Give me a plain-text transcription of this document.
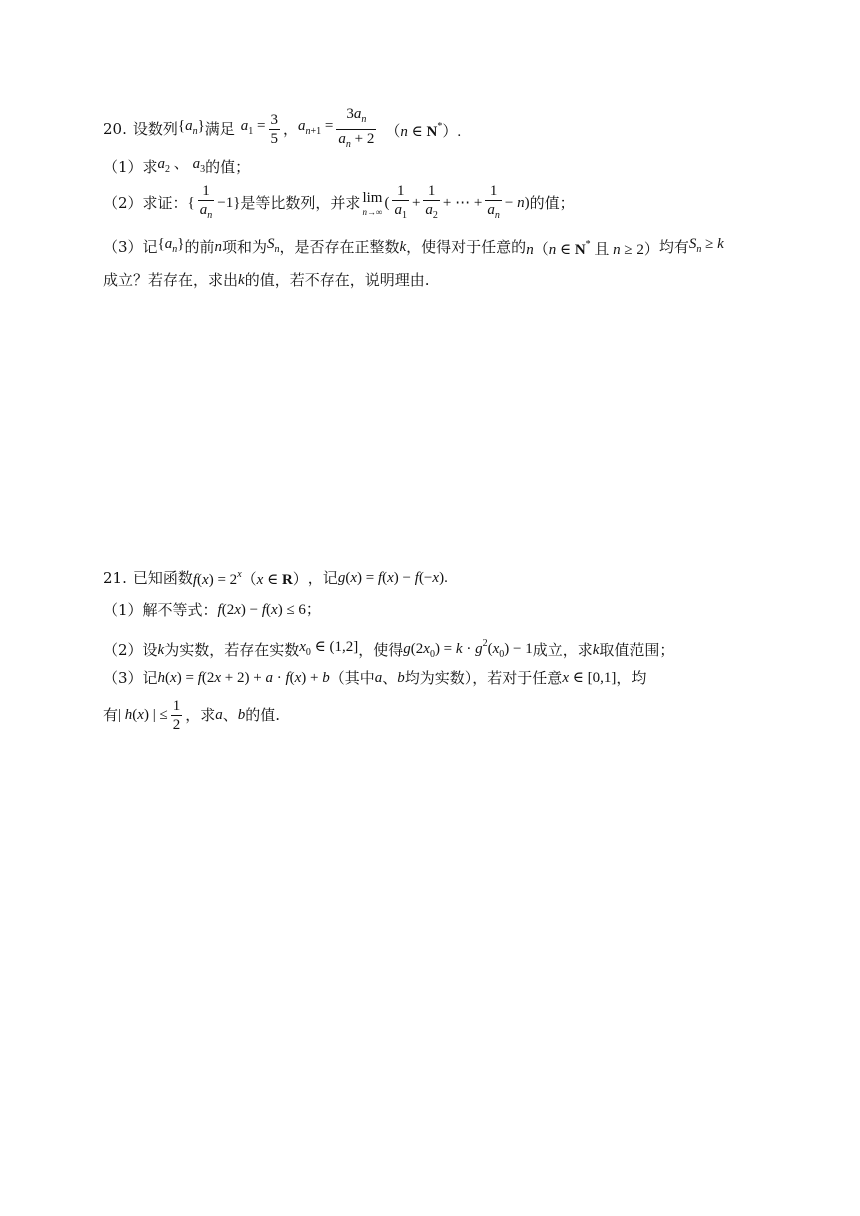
20. 设数列 $\{a_n\}$ 满足 $a_1 = \frac{3}{5}$ ， $a_{n+1} = \frac{3a_n}{a_n + 2} (n$ ∈ N*）.
（1）求 $a_2$ 、 $a_3$ 的值；
（2）求证： { $\frac{1}{a_n} -1$} 是等比数列，并求 lim
n→∞
( $\frac{1}{a_1} + \frac{1}{a_2}$ + ⋯ + $\frac{1}{a_n} - n$) 的值；
（3）记 $\{a_n\}$ 的前 n 项和为 $S_n$ ，是否存在正整数 k ，使得对于任意的 n（n ∈ N* 且 n ≥ 2） 均有 $S_n \ge k$
成立？若存在，求出 k 的值，若不存在，说明理由.
21. 已知函数 $f(x) = 2^x(x$ ∈ R） ，记 g(x) = f(x) − f(−x).
（1）解不等式： f(2x) − f(x) ≤ 6；
（2）设 k 为实数，若存在实数 $x_0$ ∈ (1,2] ，使得 $g(2x_0) = k \cdot g^2(x_0) - 1$ 成立，求 k 取值范围；
（3）记 h(x) = f(2x + 2) + a · f(x) + b （其中 a 、 b 均为实数），若对于任意 x ∈ [0,1] ，均
有 | h(x) | ≤ $\frac{1}{2}$ ，求 a 、 b 的值.
